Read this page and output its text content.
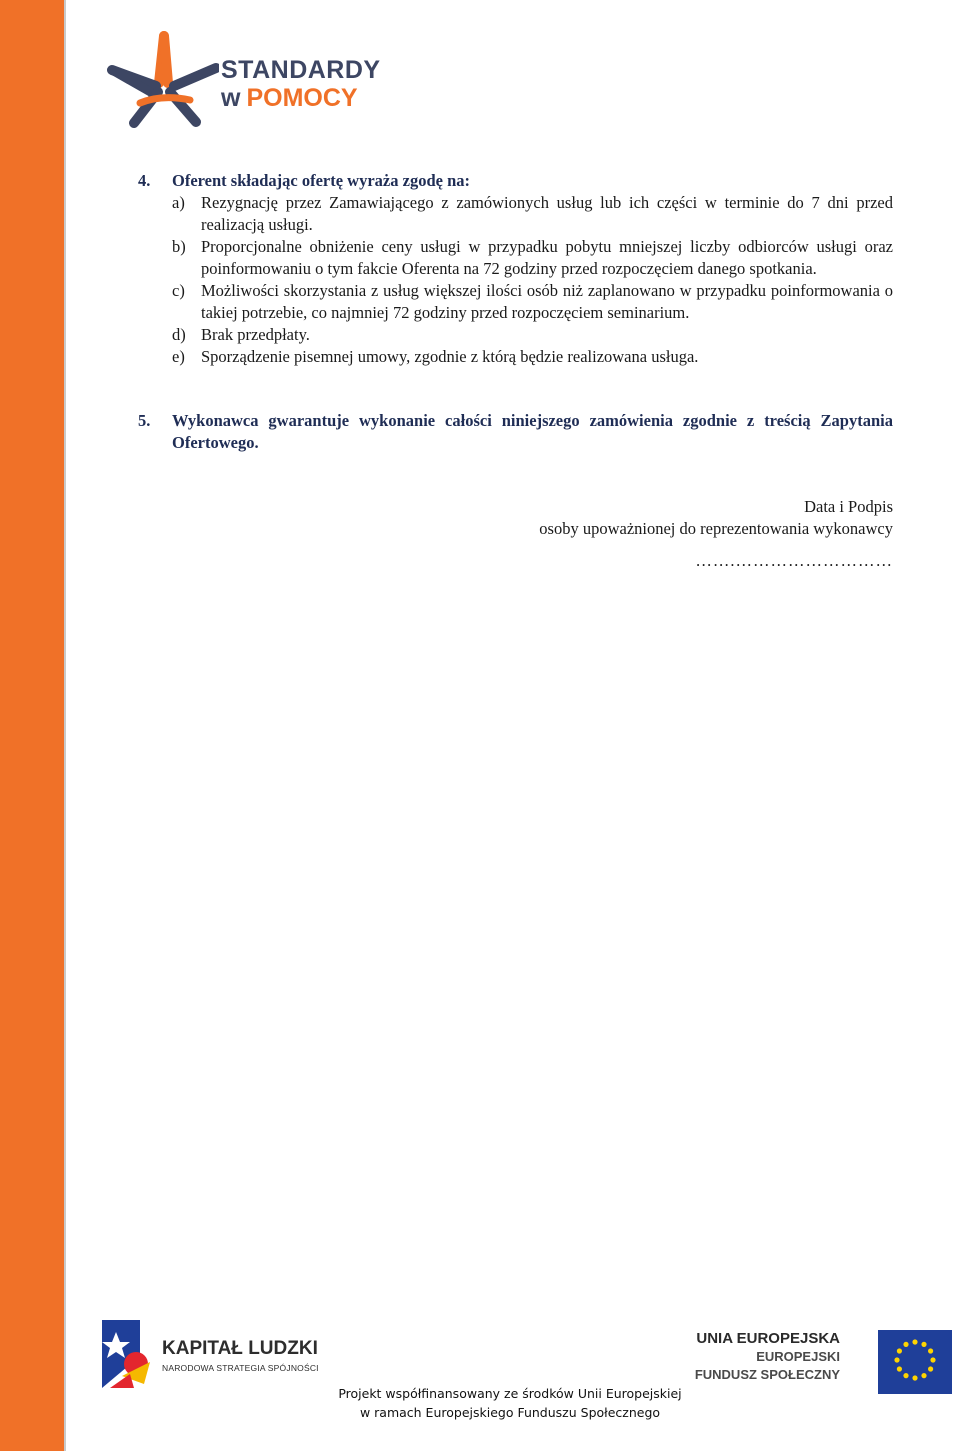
STANDARDY
w POMOCY
4.	Oferent składając ofertę wyraża zgodę na:
a) Rezygnację przez Zamawiającego z zamówionych usług lub ich części w terminie do 7 dni przed realizacją usługi.
b) Proporcjonalne obniżenie ceny usługi w przypadku pobytu mniejszej liczby odbiorców usługi oraz poinformowaniu o tym fakcie Oferenta na 72 godziny przed rozpoczęciem danego spotkania.
c) Możliwości skorzystania z usług większej ilości osób niż zaplanowano w przypadku poinformowania o takiej potrzebie, co najmniej 72 godziny przed rozpoczęciem seminarium.
d) Brak przedpłaty.
e) Sporządzenie pisemnej umowy, zgodnie z którą będzie realizowana usługa.
5.	Wykonawca gwarantuje wykonanie całości niniejszego zamówienia zgodnie z treścią Zapytania Ofertowego.
Data i Podpis
osoby upoważnionej do reprezentowania wykonawcy
…….………………………
KAPITAŁ LUDZKI
NARODOWA STRATEGIA SPÓJNOŚCI
UNIA EUROPEJSKA
EUROPEJSKI
FUNDUSZ SPOŁECZNY
Projekt współfinansowany ze środków Unii Europejskiej
w ramach Europejskiego Funduszu Społecznego
